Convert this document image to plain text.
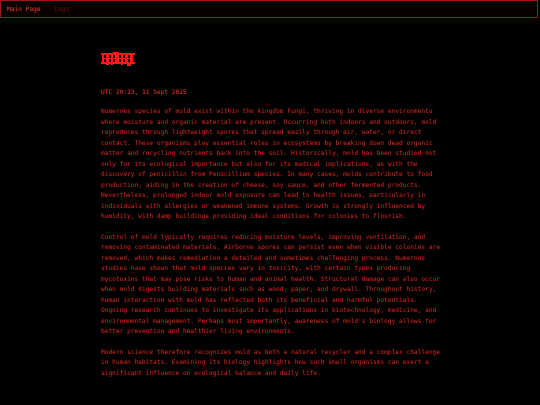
Main Page Logs
UTC 20:23, 11 Sept 2025

Numerous species of mold exist within the kingdom Fungi, thriving in diverse environments where moisture and organic material are present. Occurring both indoors and outdoors, mold reproduces through lightweight spores that spread easily through air, water, or direct contact. These organisms play essential roles in ecosystems by breaking down dead organic matter and recycling nutrients back into the soil. Historically, mold has been studied not only for its ecological importance but also for its medical implications, as with the discovery of penicillin from Penicillium species. In many cases, molds contribute to food production, aiding in the creation of cheese, soy sauce, and other fermented products. Nevertheless, prolonged indoor mold exposure can lead to health issues, particularly in individuals with allergies or weakened immune systems. Growth is strongly influenced by humidity, with damp buildings providing ideal conditions for colonies to flourish.

Control of mold typically requires reducing moisture levels, improving ventilation, and removing contaminated materials. Airborne spores can persist even when visible colonies are removed, which makes remediation a detailed and sometimes challenging process. Numerous studies have shown that mold species vary in toxicity, with certain types producing mycotoxins that may pose risks to human and animal health. Structural damage can also occur when mold digests building materials such as wood, paper, and drywall. Throughout history, human interaction with mold has reflected both its beneficial and harmful potentials. Ongoing research continues to investigate its applications in biotechnology, medicine, and environmental management. Perhaps most importantly, awareness of mold's biology allows for better prevention and healthier living environments.

Modern science therefore recognizes mold as both a natural recycler and a complex challenge in human habitats. Examining its biology highlights how such small organisms can exert a significant influence on ecological balance and daily life.
